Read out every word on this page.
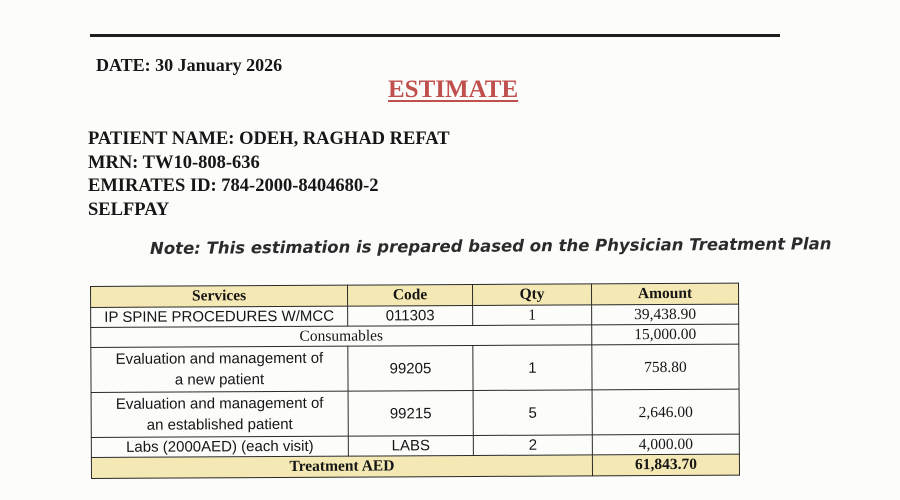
DATE: 30 January 2026
ESTIMATE
PATIENT NAME: ODEH, RAGHAD REFAT
MRN: TW10-808-636
EMIRATES ID: 784-2000-8404680-2
SELFPAY
Note: This estimation is prepared based on the Physician Treatment Plan
Services	Code	Qty	Amount
IP SPINE PROCEDURES W/MCC	011303	1	39,438.90
Consumables			15,000.00

Evaluation and management of
a new patient	99205	1	758.80

Evaluation and management of
an established patient	99215	5	2,646.00
Labs (2000AED) (each visit)	LABS	2	4,000.00
Treatment AED			61,843.70
